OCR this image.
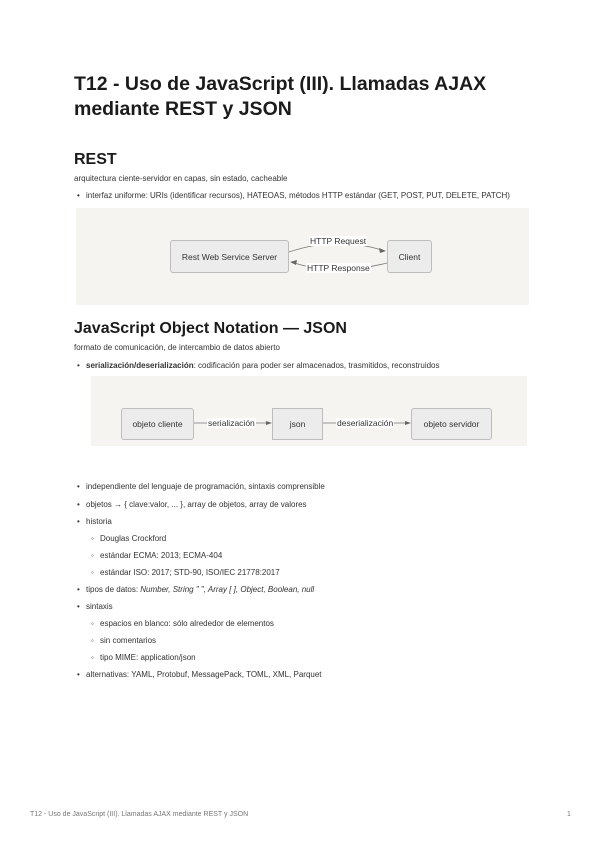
T12 - Uso de JavaScript (III). Llamadas AJAX
mediante REST y JSON
REST
arquitectura ciente-servidor en capas, sin estado, cacheable
• interfaz uniforme: URIs (identificar recursos), HATEOAS, métodos HTTP estándar (GET, POST, PUT, DELETE, PATCH)
Rest Web Service Server	Client
HTTP Request
HTTP Response
JavaScript Object Notation — JSON
formato de comunicación, de intercambio de datos abierto
• serialización/deserialización: codificación para poder ser almacenados, trasmitidos, reconstruidos
objeto cliente	json	objeto servidor
serialización	deserialización
• independiente del lenguaje de programación, sintaxis comprensible
• objetos → { clave:valor, ... }, array de objetos, array de valores
• historia
◦ Douglas Crockford
◦ estándar ECMA: 2013; ECMA-404
◦ estándar ISO: 2017; STD-90, ISO/IEC 21778:2017
• tipos de datos: Number, String " ", Array [ ], Object, Boolean, null
• sintaxis
◦ espacios en blanco: sólo alrededor de elementos
◦ sin comentarios
◦ tipo MIME: application/json
• alternativas: YAML, Protobuf, MessagePack, TOML, XML, Parquet
T12 - Uso de JavaScript (III). Llamadas AJAX mediante REST y JSON	1
